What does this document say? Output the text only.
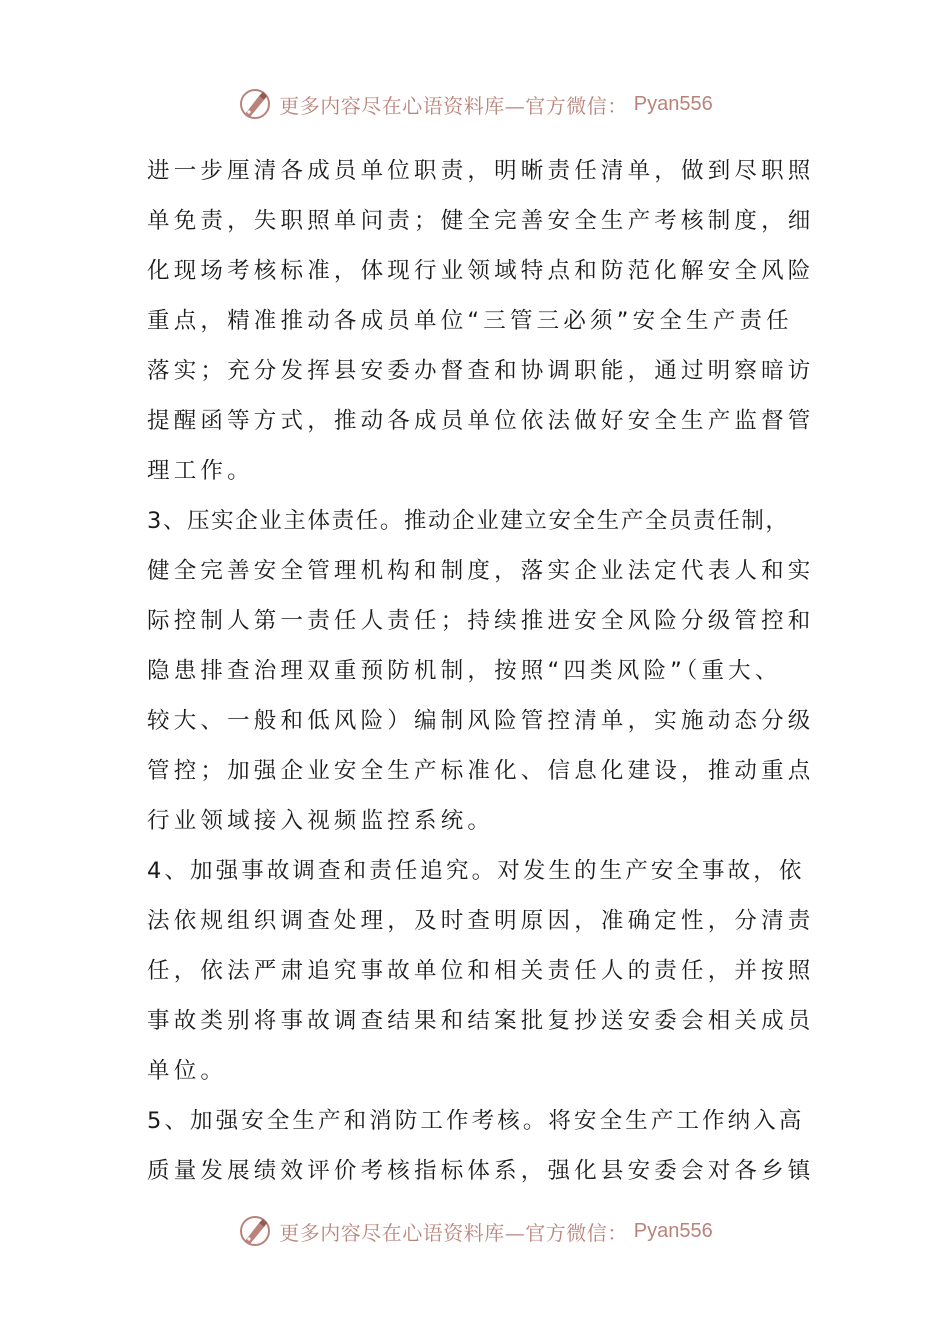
更多内容尽在心语资料库—官方微信： Pyan556
进一步厘清各成员单位职责，明晰责任清单，做到尽职照
单免责，失职照单问责；健全完善安全生产考核制度，细
化现场考核标准，体现行业领域特点和防范化解安全风险
重点，精准推动各成员单位“三管三必须”安全生产责任
落实；充分发挥县安委办督查和协调职能，通过明察暗访
提醒函等方式，推动各成员单位依法做好安全生产监督管
理工作。
3、压实企业主体责任。推动企业建立安全生产全员责任制，
健全完善安全管理机构和制度，落实企业法定代表人和实
际控制人第一责任人责任；持续推进安全风险分级管控和
隐患排查治理双重预防机制，按照“四类风险”（重大、
较大、一般和低风险）编制风险管控清单，实施动态分级
管控；加强企业安全生产标准化、信息化建设，推动重点
行业领域接入视频监控系统。
4、加强事故调查和责任追究。对发生的生产安全事故，依
法依规组织调查处理，及时查明原因，准确定性，分清责
任，依法严肃追究事故单位和相关责任人的责任，并按照
事故类别将事故调查结果和结案批复抄送安委会相关成员
单位。
5、加强安全生产和消防工作考核。将安全生产工作纳入高
质量发展绩效评价考核指标体系，强化县安委会对各乡镇
更多内容尽在心语资料库—官方微信： Pyan556
